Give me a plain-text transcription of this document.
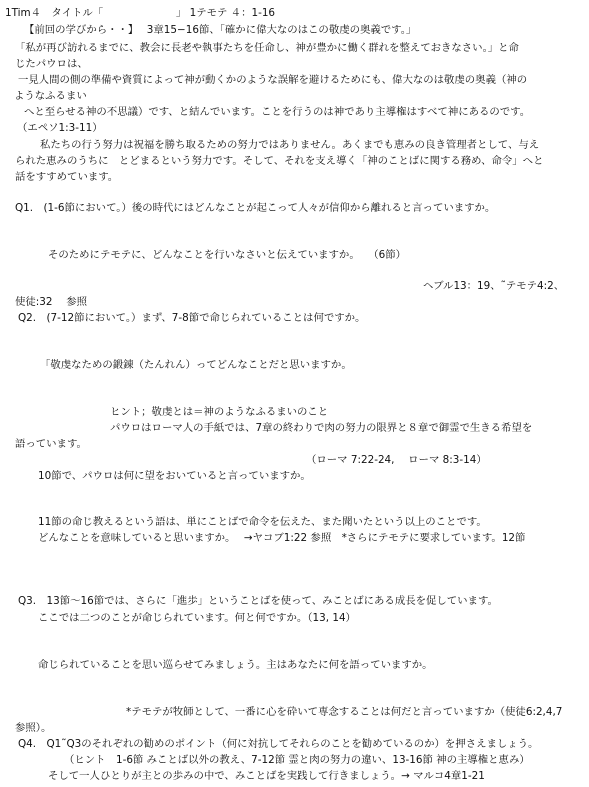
1Tim４　タイトル「　　　　　　　」 1テモテ ４：1-16
【前回の学びから・・】　 3章15−16節、「確かに偉大なのはこの敬虔の奥義です。」
「私が再び訪れるまでに、教会に長老や執事たちを任命し、神が豊かに働く群れを整えておきなさい。」と命
じたパウロは、
一見人間の側の準備や資質によって神が動くかのような誤解を避けるためにも、偉大なのは敬虔の奥義（神の
ようなふるまい
へと至らせる神の不思議）です、と結んでいます。ことを行うのは神であり主導権はすべて神にあるのです。
（エペソ1:3-11）
私たちの行う努力は祝福を勝ち取るための努力ではありません。あくまでも恵みの良き管理者として、与え
られた恵みのうちに　とどまるという努力です。そして、それを支え導く「神のことばに関する務め、命令」へと
話をすすめています。
Q1.　(1-6節において。）後の時代にはどんなことが起こって人々が信仰から離れると言っていますか。
そのためにテモテに、どんなことを行いなさいと伝えていますか。　 （6節）
ヘブル13：19、˜テモテ4:2、
使徒:32　 参照
Q2.　(7-12節において。）まず、7-8節で命じられていることは何ですか。
「敬虔なための鍛錬（たんれん）ってどんなことだと思いますか。
ヒント；敬虔とは＝神のようなふるまいのこと
パウロはローマ人の手紙では、7章の終わりで肉の努力の限界と８章で御霊で生きる希望を
語っています。
（ローマ 7:22-24,　 ローマ 8:3-14）
10節で、パウロは何に望をおいていると言っていますか。
11節の命じ教えるという語は、単にことばで命令を伝えた、また聞いたという以上のことです。
どんなことを意味していると思いますか。　 →ヤコブ1:22 参照　*さらにテモテに要求しています。12節
Q3.　13節〜16節では、さらに「進歩」ということばを使って、みことばにある成長を促しています。
ここでは二つのことが命じられています。何と何ですか。（13, 14）
命じられていることを思い巡らせてみましょう。主はあなたに何を語っていますか。
*テモテが牧師として、一番に心を砕いて専念することは何だと言っていますか（使徒6:2,4,7
参照）。
Q4.　Q1˜Q3のそれぞれの勧めのポイント（何に対抗してそれらのことを勧めているのか）を押さえましょう。
（ヒント　1-6節 みことば以外の教え、7-12節 霊と肉の努力の違い、13-16節 神の主導権と恵み）
そして一人ひとりが主との歩みの中で、みことばを実践して行きましょう。→ マルコ4章1-21
